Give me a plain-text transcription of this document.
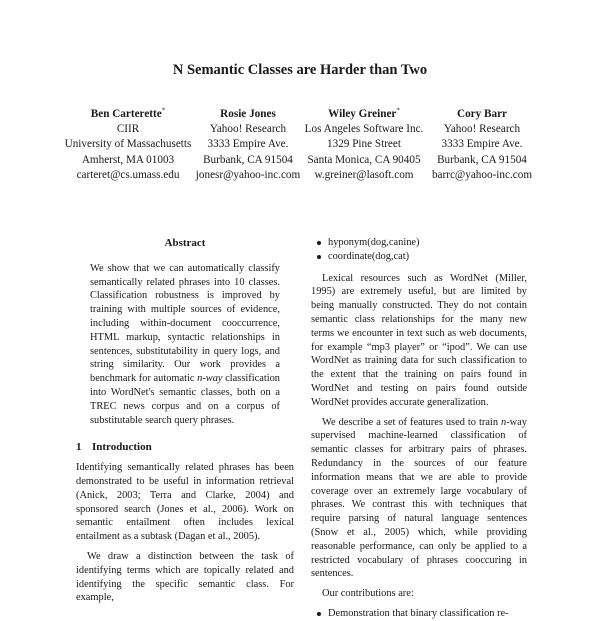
N Semantic Classes are Harder than Two
Ben Carterette*
CIIR
University of Massachusetts
Amherst, MA 01003
carteret@cs.umass.edu
Rosie Jones
Yahoo! Research
3333 Empire Ave.
Burbank, CA 91504
jonesr@yahoo-inc.com
Wiley Greiner*
Los Angeles Software Inc.
1329 Pine Street
Santa Monica, CA 90405
w.greiner@lasoft.com
Cory Barr
Yahoo! Research
3333 Empire Ave.
Burbank, CA 91504
barrc@yahoo-inc.com
Abstract

We show that we can automatically classify semantically related phrases into 10 classes. Classification robustness is improved by training with multiple sources of evidence, including within-document cooccurrence, HTML markup, syntactic relationships in sentences, substitutability in query logs, and string similarity. Our work provides a benchmark for automatic n-way classification into WordNet's semantic classes, both on a TREC news corpus and on a corpus of substitutable search query phrases.

1 Introduction

Identifying semantically related phrases has been demonstrated to be useful in information retrieval (Anick, 2003; Terra and Clarke, 2004) and sponsored search (Jones et al., 2006). Work on semantic entailment often includes lexical entailment as a subtask (Dagan et al., 2005).

We draw a distinction between the task of identifying terms which are topically related and identifying the specific semantic class. For example,

hyponym(dog,canine)
coordinate(dog,cat)

Lexical resources such as WordNet (Miller, 1995) are extremely useful, but are limited by being manually constructed. They do not contain semantic class relationships for the many new terms we encounter in text such as web documents, for example “mp3 player” or “ipod”. We can use WordNet as training data for such classification to the extent that the training on pairs found in WordNet and testing on pairs found outside WordNet provides accurate generalization.

We describe a set of features used to train n-way supervised machine-learned classification of semantic classes for arbitrary pairs of phrases. Redundancy in the sources of our feature information means that we are able to provide coverage over an extremely large vocabulary of phrases. We contrast this with techniques that require parsing of natural language sentences (Snow et al., 2005) which, while providing reasonable performance, can only be applied to a restricted vocabulary of phrases cooccuring in sentences.

Our contributions are:

Demonstration that binary classification re-
